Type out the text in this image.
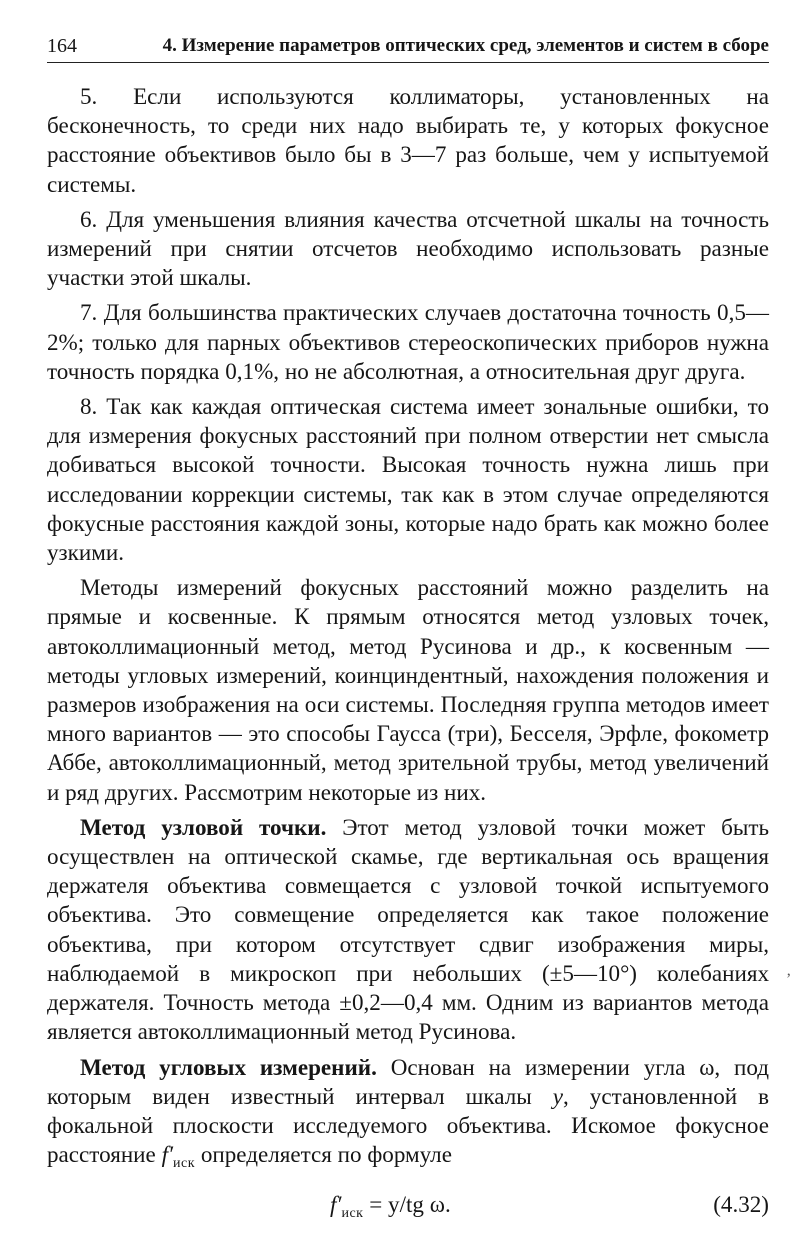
164	4. Измерение параметров оптических сред, элементов и систем в сборе

5. Если используются коллиматоры, установленных на бесконечность, то среди них надо выбирать те, у которых фокусное расстояние объективов было бы в 3—7 раз больше, чем у испытуемой системы.

6. Для уменьшения влияния качества отсчетной шкалы на точность измерений при снятии отсчетов необходимо использовать разные участки этой шкалы.

7. Для большинства практических случаев достаточна точность 0,5—2%; только для парных объективов стереоскопических приборов нужна точность порядка 0,1%, но не абсолютная, а относительная друг друга.

8. Так как каждая оптическая система имеет зональные ошибки, то для измерения фокусных расстояний при полном отверстии нет смысла добиваться высокой точности. Высокая точность нужна лишь при исследовании коррекции системы, так как в этом случае определяются фокусные расстояния каждой зоны, которые надо брать как можно более узкими.

Методы измерений фокусных расстояний можно разделить на прямые и косвенные. К прямым относятся метод узловых точек, автоколлимационный метод, метод Русинова и др., к косвенным — методы угловых измерений, коинциндентный, нахождения положения и размеров изображения на оси системы. Последняя группа методов имеет много вариантов — это способы Гаусса (три), Бесселя, Эрфле, фокометр Аббе, автоколлимационный, метод зрительной трубы, метод увеличений и ряд других. Рассмотрим некоторые из них.

Метод узловой точки. Этот метод узловой точки может быть осуществлен на оптической скамье, где вертикальная ось вращения держателя объектива совмещается с узловой точкой испытуемого объектива. Это совмещение определяется как такое положение объектива, при котором отсутствует сдвиг изображения миры, наблюдаемой в микроскоп при небольших (±5—10°) колебаниях держателя. Точность метода ±0,2—0,4 мм. Одним из вариантов метода является автоколлимационный метод Русинова.

Метод угловых измерений. Основан на измерении угла ω, под которым виден известный интервал шкалы y, установленной в фокальной плоскости исследуемого объектива. Искомое фокусное расстояние $f'_{иск}$ определяется по формуле

$f'_{иск} = y/tg$ ω.	(4.32)
‚
